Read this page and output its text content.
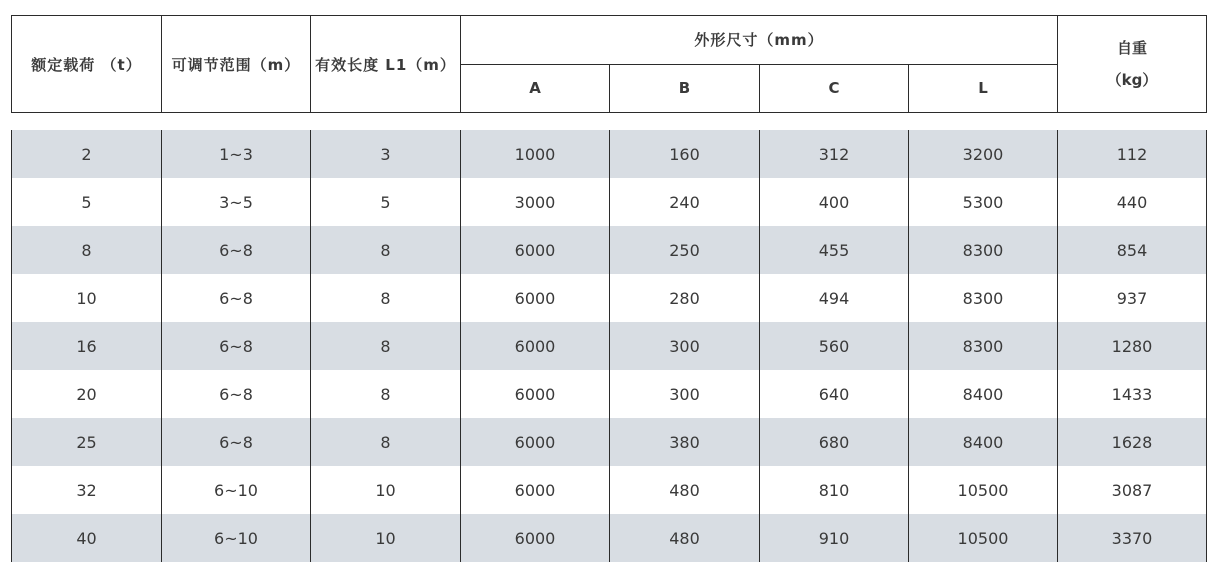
额定载荷 （t）	可调节范围（m）	有效长度 L1（m）	外形尺寸（mm）				自重
（kg）

			A	B	C	L	
2	1~3	3	1000	160	312	3200	112
5	3~5	5	3000	240	400	5300	440
8	6~8	8	6000	250	455	8300	854
10	6~8	8	6000	280	494	8300	937
16	6~8	8	6000	300	560	8300	1280
20	6~8	8	6000	300	640	8400	1433
25	6~8	8	6000	380	680	8400	1628
32	6~10	10	6000	480	810	10500	3087
40	6~10	10	6000	480	910	10500	3370
